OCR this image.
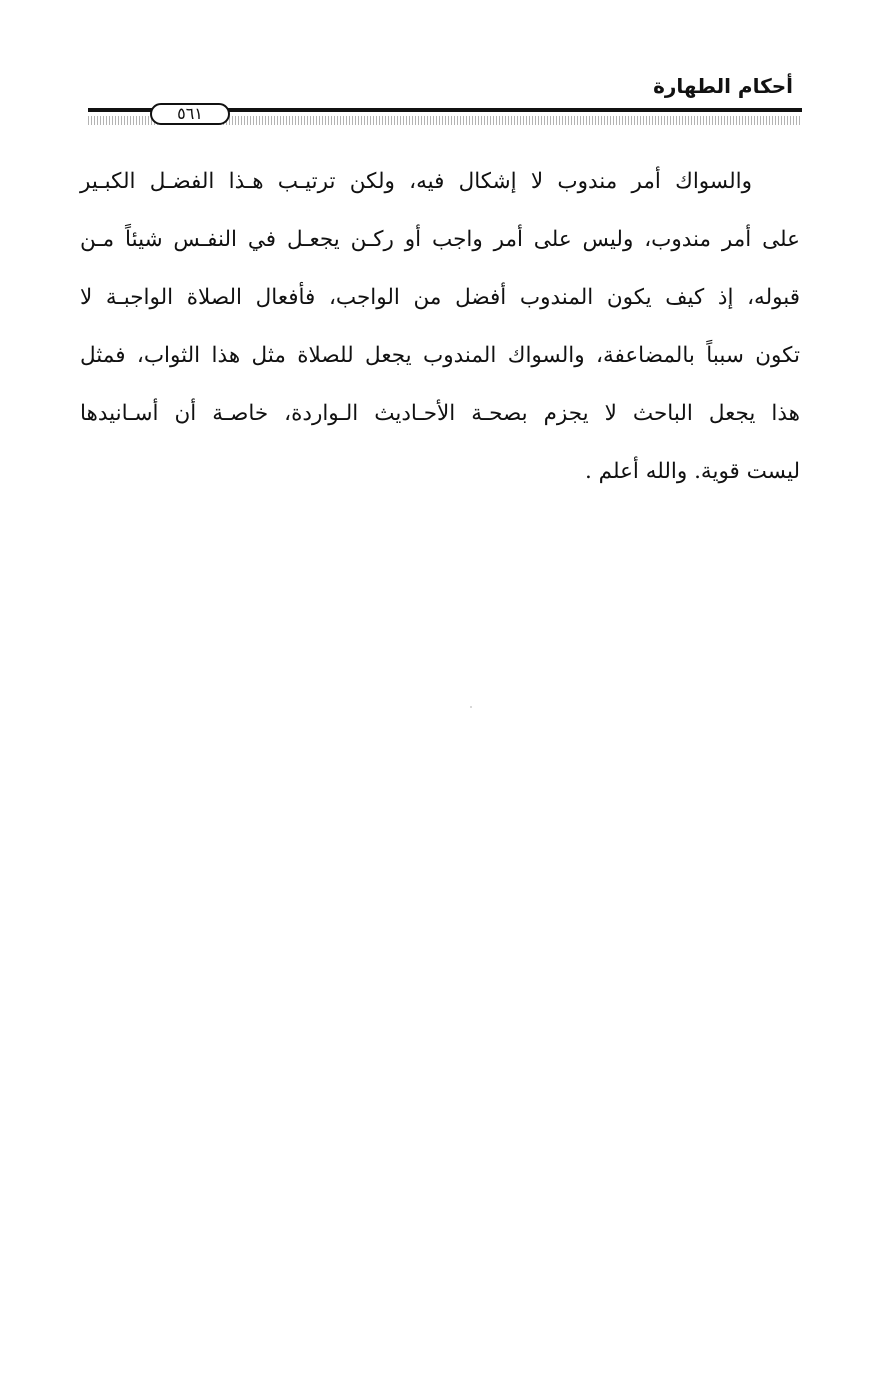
أحكام الطهارة
٥٦١
والسواك أمر مندوب لا إشكال فيه، ولكن ترتيـب هـذا الفضـل الكبـير
على أمر مندوب، وليس على أمر واجب أو ركـن يجعـل في النفـس شيئاً مـن
قبوله، إذ كيف يكون المندوب أفضل من الواجب، فأفعال الصلاة الواجبـة لا
تكون سبباً بالمضاعفة، والسواك المندوب يجعل للصلاة مثل هذا الثواب، فمثل
هذا يجعل الباحث لا يجزم بصحـة الأحـاديث الـواردة، خاصـة أن أسـانيدها
ليست قوية. والله أعلم .
